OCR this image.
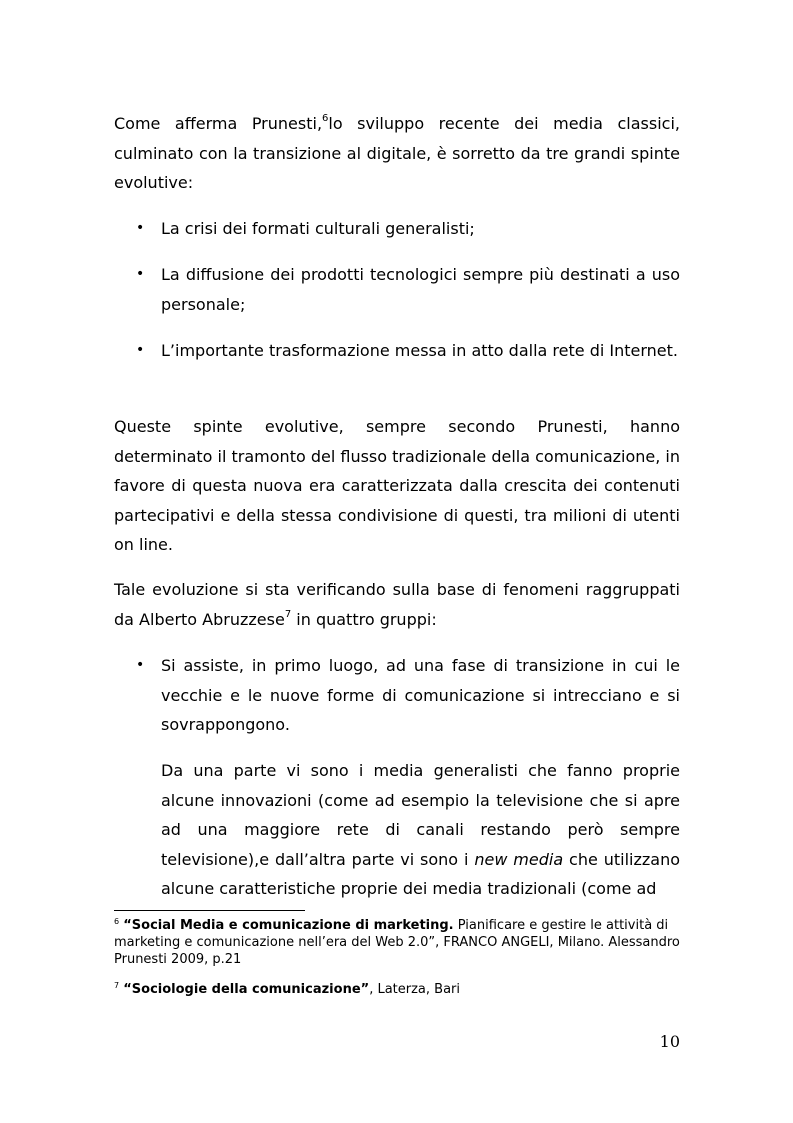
Come afferma Prunesti,$^6$lo sviluppo recente dei media classici, culminato con la transizione al digitale, è sorretto da tre grandi spinte evolutive:

• La crisi dei formati culturali generalisti;

• La diffusione dei prodotti tecnologici sempre più destinati a uso personale;

• L’importante trasformazione messa in atto dalla rete di Internet.

Queste spinte evolutive, sempre secondo Prunesti, hanno determinato il tramonto del flusso tradizionale della comunicazione, in favore di questa nuova era caratterizzata dalla crescita dei contenuti partecipativi e della stessa condivisione di questi, tra milioni di utenti on line.

Tale evoluzione si sta verificando sulla base di fenomeni raggruppati da Alberto Abruzzese$^7$ in quattro gruppi:

• Si assiste, in primo luogo, ad una fase di transizione in cui le vecchie e le nuove forme di comunicazione si intrecciano e si sovrappongono.

Da una parte vi sono i media generalisti che fanno proprie alcune innovazioni (come ad esempio la televisione che si apre ad una maggiore rete di canali restando però sempre televisione),e dall’altra parte vi sono i new media che utilizzano alcune caratteristiche proprie dei media tradizionali (come ad

$^6$ “Social Media e comunicazione di marketing. Pianificare e gestire le attività di marketing e comunicazione nell’era del Web 2.0”, FRANCO ANGELI, Milano. Alessandro Prunesti 2009, p.21

$^7$ “Sociologie della comunicazione”, Laterza, Bari

10
